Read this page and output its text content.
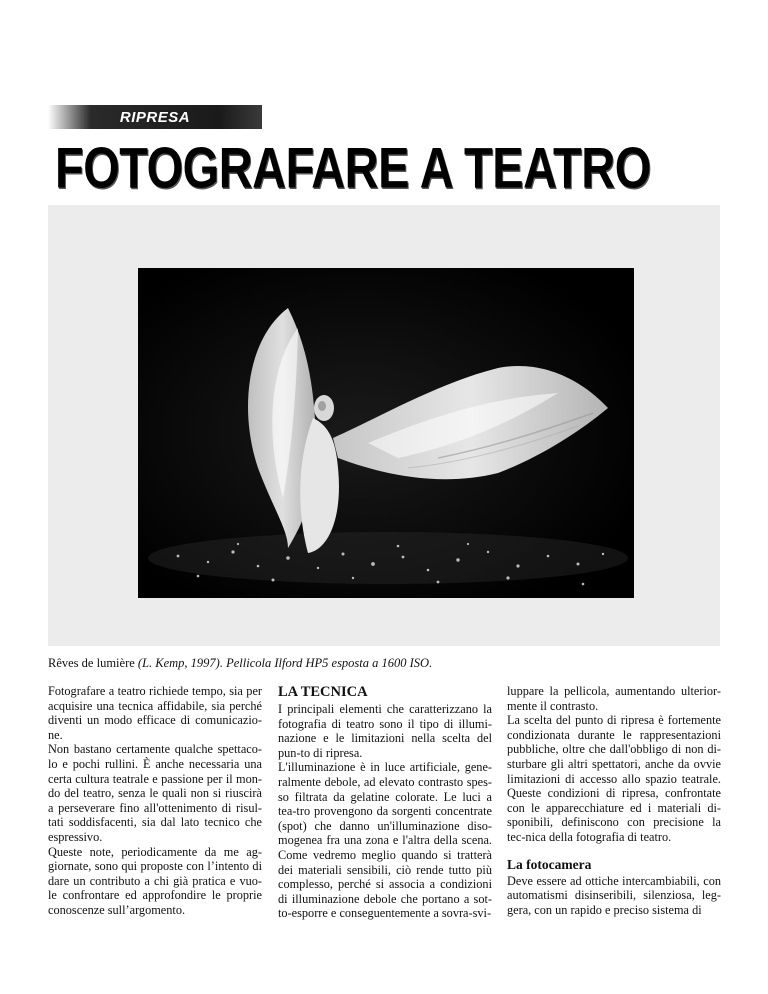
RIPRESA
FOTOGRAFARE A TEATRO
Rêves de lumière (L. Kemp, 1997). Pellicola Ilford HP5 esposta a 1600 ISO.

Fotografare a teatro richiede tempo, sia per acquisire una tecnica affidabile, sia perché diventi un modo efficace di comunicazio-ne.

Non bastano certamente qualche spettaco-lo e pochi rullini. È anche necessaria una certa cultura teatrale e passione per il mon-do del teatro, senza le quali non si riuscirà a perseverare fino all'ottenimento di risul-tati soddisfacenti, sia dal lato tecnico che espressivo.

Queste note, periodicamente da me ag-giornate, sono qui proposte con l’intento di dare un contributo a chi già pratica e vuo-le confrontare ed approfondire le proprie conoscenze sull’argomento.

LA TECNICA

I principali elementi che caratterizzano la fotografia di teatro sono il tipo di illumi-nazione e le limitazioni nella scelta del pun-to di ripresa.

L'illuminazione è in luce artificiale, gene-ralmente debole, ad elevato contrasto spes-so filtrata da gelatine colorate. Le luci a tea-tro provengono da sorgenti concentrate (spot) che danno un'illuminazione diso-mogenea fra una zona e l'altra della scena. Come vedremo meglio quando si tratterà dei materiali sensibili, ciò rende tutto più complesso, perché si associa a condizioni di illuminazione debole che portano a sot-to-esporre e conseguentemente a sovra-svi-

luppare la pellicola, aumentando ulterior-mente il contrasto.

La scelta del punto di ripresa è fortemente condizionata durante le rappresentazioni pubbliche, oltre che dall'obbligo di non di-sturbare gli altri spettatori, anche da ovvie limitazioni di accesso allo spazio teatrale. Queste condizioni di ripresa, confrontate con le apparecchiature ed i materiali di-sponibili, definiscono con precisione la tec-nica della fotografia di teatro.

La fotocamera

Deve essere ad ottiche intercambiabili, con automatismi disinseribili, silenziosa, leg-gera, con un rapido e preciso sistema di
